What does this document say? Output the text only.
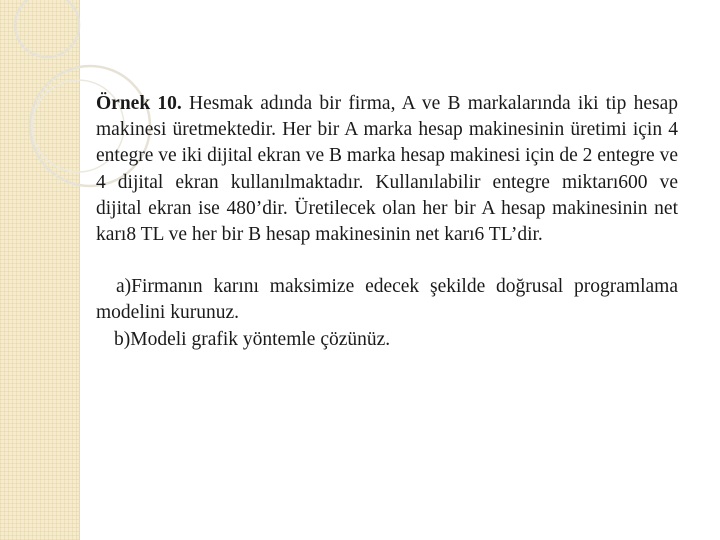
Örnek 10. Hesmak adında bir firma, A ve B markalarında iki tip hesap makinesi üretmektedir. Her bir A marka hesap makinesinin üretimi için 4 entegre ve iki dijital ekran ve B marka hesap makinesi için de 2 entegre ve 4 dijital ekran kullanılmaktadır. Kullanılabilir entegre miktarı600 ve dijital ekran ise 480’dir. Üretilecek olan her bir A hesap makinesinin net karı8 TL ve her bir B hesap makinesinin net karı6 TL’dir.

a)Firmanın karını maksimize edecek şekilde doğrusal programlama modelini kurunuz.

b)Modeli grafik yöntemle çözünüz.
